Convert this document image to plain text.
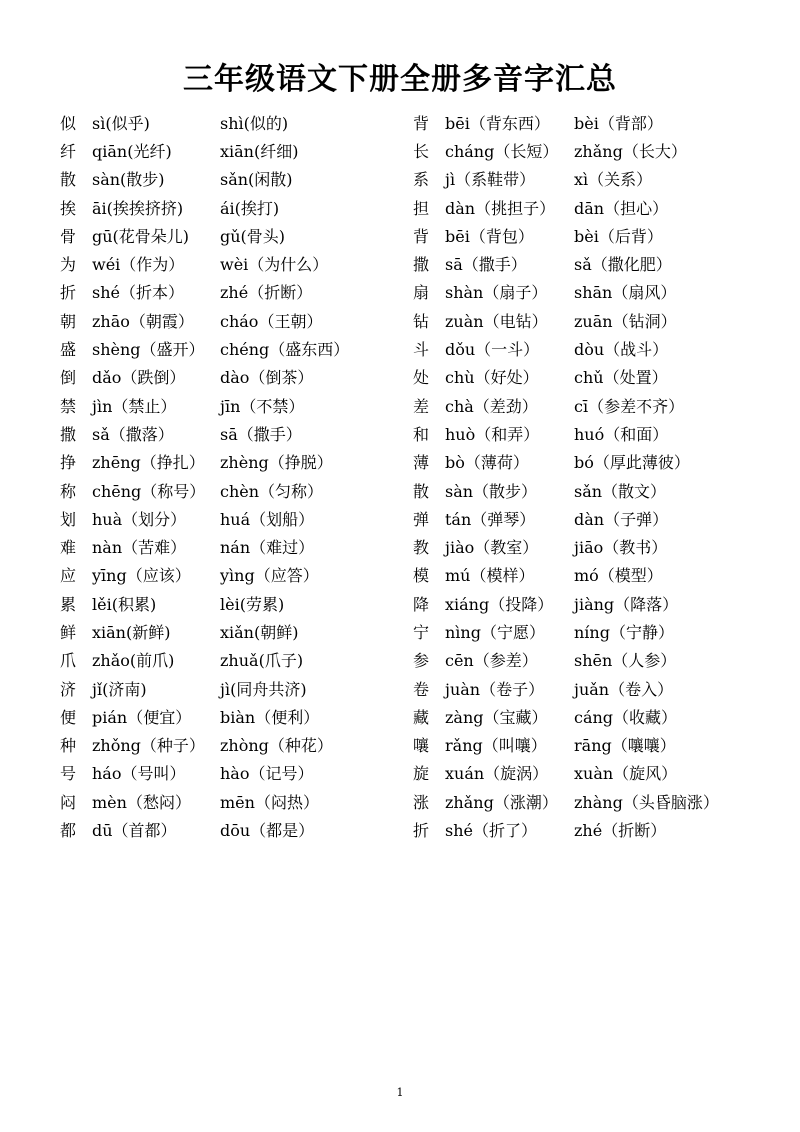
三年级语文下册全册多音字汇总
似 sì(似乎)	shì(似的)
纤 qiān(光纤)	xiān(纤细)
散 sàn(散步)	sǎn(闲散)
挨 āi(挨挨挤挤)	ái(挨打)
骨 gū(花骨朵儿)	gǔ(骨头)
为 wéi（作为）	wèi（为什么）
折 shé（折本）	zhé（折断）
朝 zhāo（朝霞）	cháo（王朝）
盛 shèng（盛开） chéng（盛东西）
倒 dǎo（跌倒）	dào（倒茶）
禁 jìn（禁止）	jīn（不禁）
撒 sǎ（撒落）	sā（撒手）
挣 zhēng（挣扎） zhèng（挣脱）
称 chēng（称号） chèn（匀称）
划 huà（划分）	huá（划船）
难 nàn（苦难）	nán（难过）
应 yīng（应该）	yìng（应答）
累 lěi(积累)	lèi(劳累)
鲜 xiān(新鲜)	xiǎn(朝鲜)
爪 zhǎo(前爪)	zhuǎ(爪子)
济 jǐ(济南)	jì(同舟共济)
便 pián（便宜）	biàn（便利）
种 zhǒng（种子） zhòng（种花）
号 háo（号叫）	hào（记号）
闷 mèn（愁闷）	mēn（闷热）
都 dū（首都）	dōu（都是）
背 bēi（背东西）	bèi（背部）
长 cháng（长短） zhǎng（长大）
系 jì（系鞋带）	xì（关系）
担 dàn（挑担子）	dān（担心）
背 bēi（背包）	bèi（后背）
撒 sā（撒手）	sǎ（撒化肥）
扇 shàn（扇子）	shān（扇风）
钻 zuàn（电钻）	zuān（钻洞）
斗 dǒu（一斗）	dòu（战斗）
处 chù（好处）	chǔ（处置）
差 chà（差劲）	cī（参差不齐）
和 huò（和弄）	huó（和面）
薄 bò（薄荷）	bó（厚此薄彼）
散 sàn（散步）	sǎn（散文）
弹 tán（弹琴）	dàn（子弹）
教 jiào（教室）	jiāo（教书）
模 mú（模样）	mó（模型）
降 xiáng（投降）	jiàng（降落）
宁 nìng（宁愿）	níng（宁静）
参 cēn（参差）	shēn（人参）
卷 juàn（卷子）	juǎn（卷入）
藏 zàng（宝藏）	cáng（收藏）
嚷 rǎng（叫嚷）	rāng（嚷嚷）
旋 xuán（旋涡）	xuàn（旋风）
涨 zhǎng（涨潮）	zhàng（头昏脑涨）
折 shé（折了）	zhé（折断）
1
